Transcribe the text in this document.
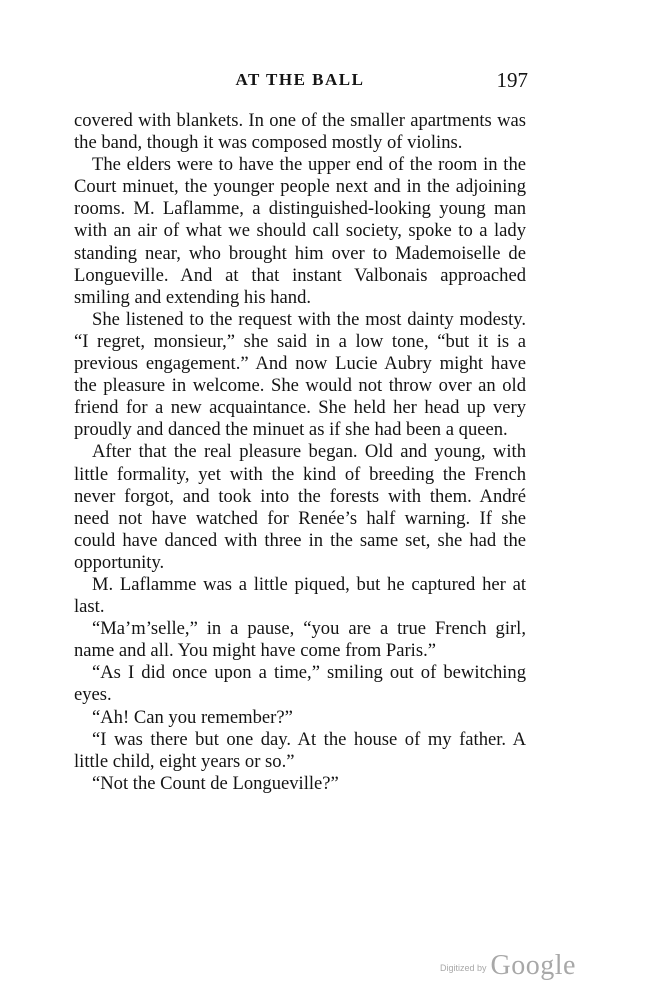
AT THE BALL	197

covered with blankets. In one of the smaller apartments was the band, though it was composed mostly of violins.

The elders were to have the upper end of the room in the Court minuet, the younger people next and in the adjoining rooms. M. Laflamme, a distinguished-looking young man with an air of what we should call society, spoke to a lady standing near, who brought him over to Mademoiselle de Longueville. And at that instant Valbonais approached smiling and extending his hand.

She listened to the request with the most dainty modesty. “I regret, monsieur,” she said in a low tone, “but it is a previous engagement.” And now Lucie Aubry might have the pleasure in welcome. She would not throw over an old friend for a new acquaintance. She held her head up very proudly and danced the minuet as if she had been a queen.

After that the real pleasure began. Old and young, with little formality, yet with the kind of breeding the French never forgot, and took into the forests with them. André need not have watched for Renée’s half warning. If she could have danced with three in the same set, she had the opportunity.

M. Laflamme was a little piqued, but he captured her at last.

“Ma’m’selle,” in a pause, “you are a true French girl, name and all. You might have come from Paris.”

“As I did once upon a time,” smiling out of bewitching eyes.

“Ah! Can you remember?”

“I was there but one day. At the house of my father. A little child, eight years or so.”

“Not the Count de Longueville?”

Digitized by Google
